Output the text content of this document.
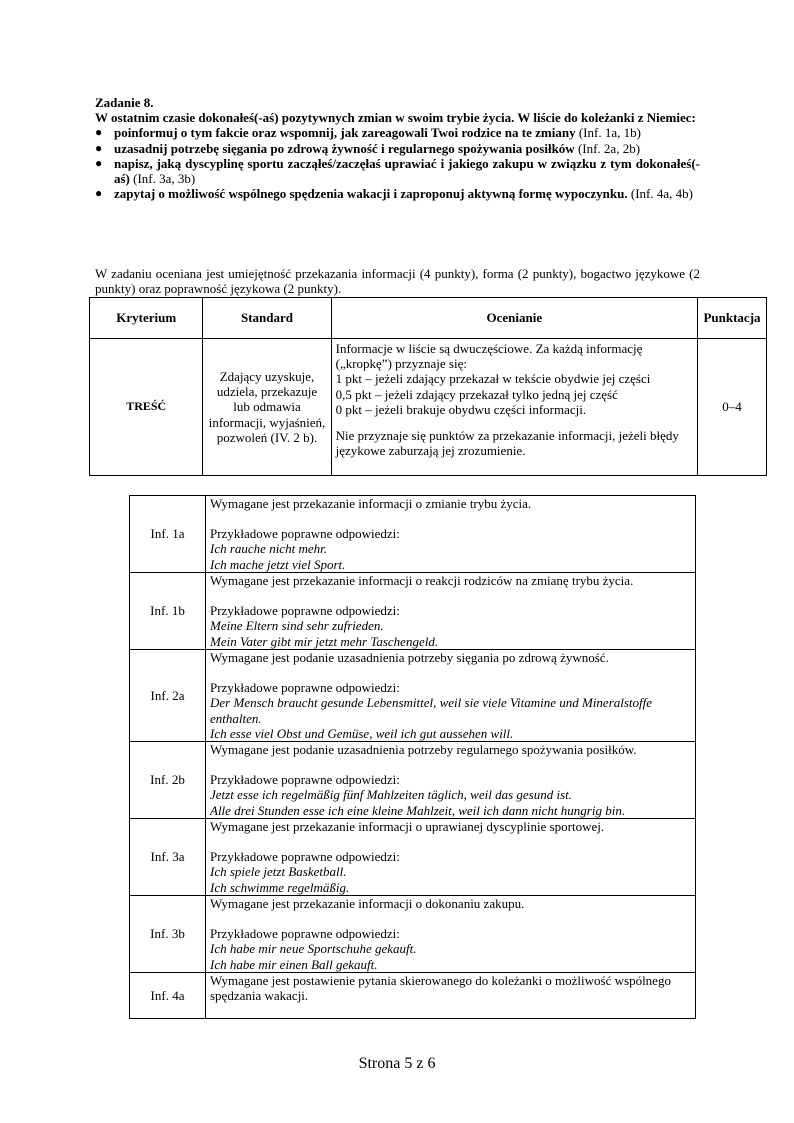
Zadanie 8.

W ostatnim czasie dokonałeś(-aś) pozytywnych zmian w swoim trybie życia. W liście do koleżanki z Niemiec:

● poinformuj o tym fakcie oraz wspomnij, jak zareagowali Twoi rodzice na te zmiany (Inf. 1a, 1b)
● uzasadnij potrzebę sięgania po zdrową żywność i regularnego spożywania posiłków (Inf. 2a, 2b)
● napisz, jaką dyscyplinę sportu zacząłeś/zaczęłaś uprawiać i jakiego zakupu w związku z tym dokonałeś(-aś) (Inf. 3a, 3b)
● zapytaj o możliwość wspólnego spędzenia wakacji i zaproponuj aktywną formę wypoczynku. (Inf. 4a, 4b)

W zadaniu oceniana jest umiejętność przekazania informacji (4 punkty), forma (2 punkty), bogactwo językowe (2 punkty) oraz poprawność językowa (2 punkty).

Kryterium	Standard	Ocenianie	Punktacja
TREŚĆ	Zdający uzyskuje, udziela, przekazuje lub odmawia informacji, wyjaśnień, pozwoleń (IV. 2 b).	Informacje w liście są dwuczęściowe. Za każdą informację („kropkę”) przyznaje się:

1 pkt – jeżeli zdający przekazał w tekście obydwie jej części

0,5 pkt – jeżeli zdający przekazał tylko jedną jej część

0 pkt – jeżeli brakuje obydwu części informacji.

Nie przyznaje się punktów za przekazanie informacji, jeżeli błędy językowe zaburzają jej zrozumienie.	0–4
Inf. 1a	Wymagane jest przekazanie informacji o zmianie trybu życia.

Przykładowe poprawne odpowiedzi:

Ich rauche nicht mehr.

Ich mache jetzt viel Sport.

Inf. 1b	Wymagane jest przekazanie informacji o reakcji rodziców na zmianę trybu życia.

Przykładowe poprawne odpowiedzi:

Meine Eltern sind sehr zufrieden.

Mein Vater gibt mir jetzt mehr Taschengeld.

Inf. 2a	Wymagane jest podanie uzasadnienia potrzeby sięgania po zdrową żywność.

Przykładowe poprawne odpowiedzi:

Der Mensch braucht gesunde Lebensmittel, weil sie viele Vitamine und Mineralstoffe enthalten.

Ich esse viel Obst und Gemüse, weil ich gut aussehen will.

Inf. 2b	Wymagane jest podanie uzasadnienia potrzeby regularnego spożywania posiłków.

Przykładowe poprawne odpowiedzi:

Jetzt esse ich regelmäßig fünf Mahlzeiten täglich, weil das gesund ist.

Alle drei Stunden esse ich eine kleine Mahlzeit, weil ich dann nicht hungrig bin.

Inf. 3a	Wymagane jest przekazanie informacji o uprawianej dyscyplinie sportowej.

Przykładowe poprawne odpowiedzi:

Ich spiele jetzt Basketball.

Ich schwimme regelmäßig.

Inf. 3b	Wymagane jest przekazanie informacji o dokonaniu zakupu.

Przykładowe poprawne odpowiedzi:

Ich habe mir neue Sportschuhe gekauft.

Ich habe mir einen Ball gekauft.

Inf. 4a	Wymagane jest postawienie pytania skierowanego do koleżanki o możliwość wspólnego spędzania wakacji.

Strona 5 z 6
